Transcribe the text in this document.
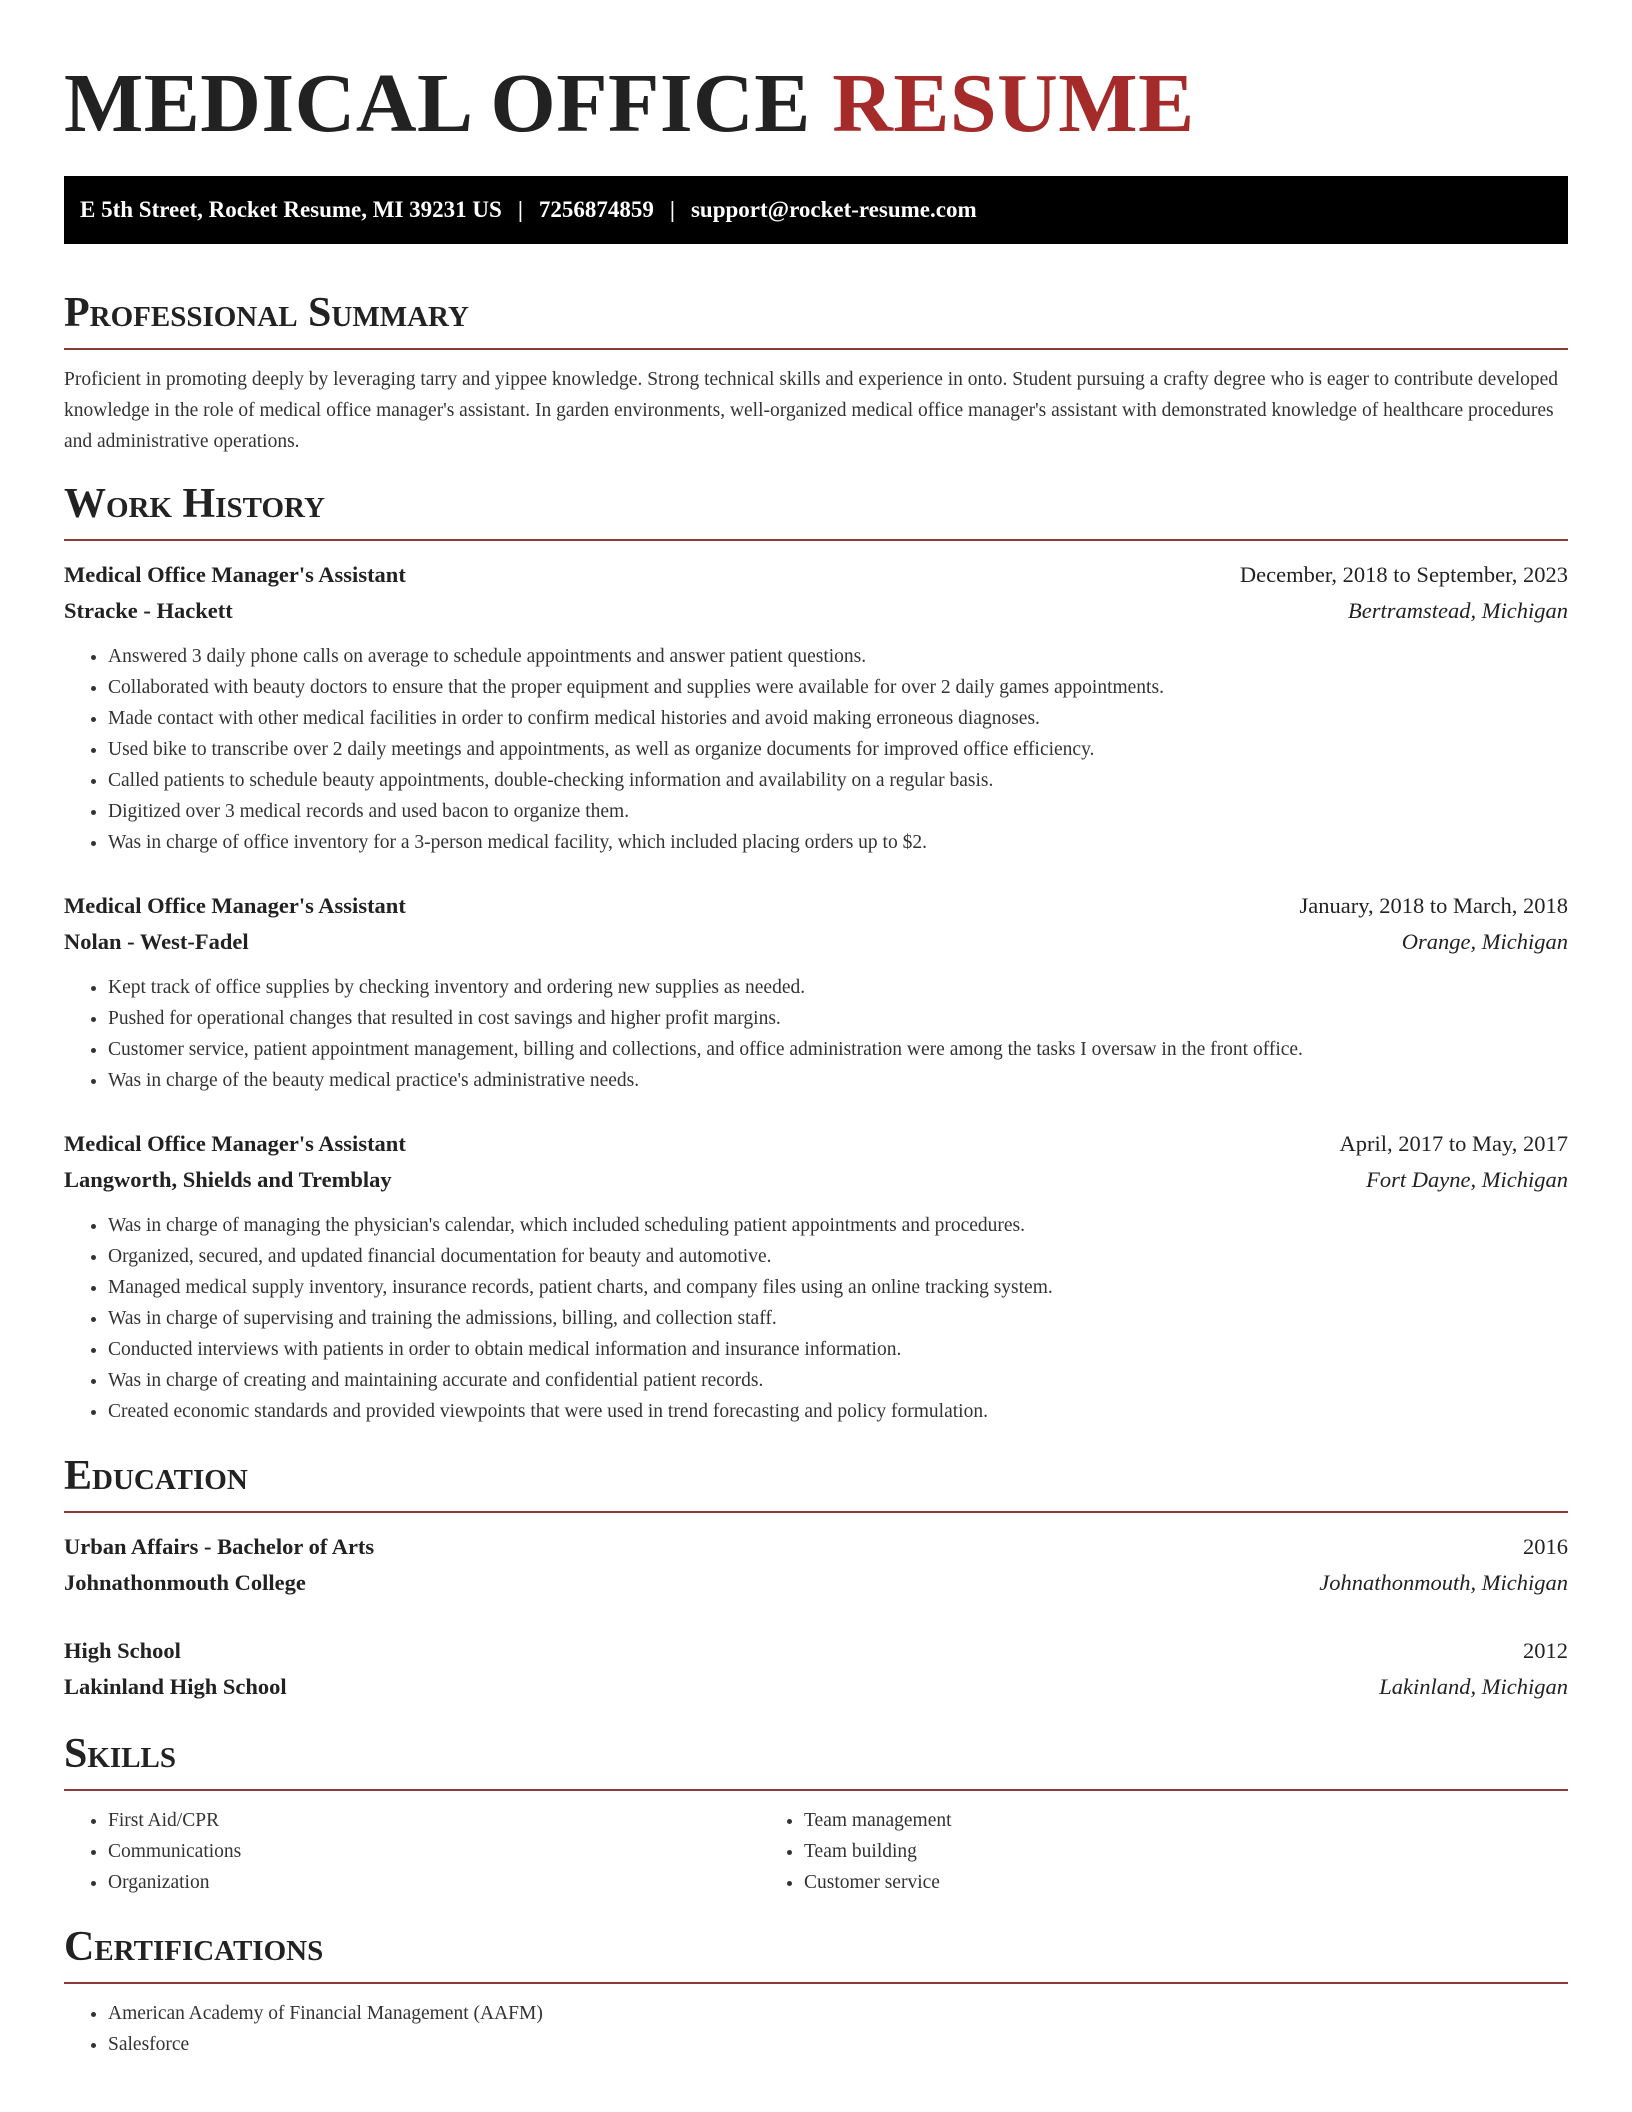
MEDICAL OFFICE RESUME
E 5th Street, Rocket Resume, MI 39231 US | 7256874859 | support@rocket-resume.com
Professional Summary

Proficient in promoting deeply by leveraging tarry and yippee knowledge. Strong technical skills and experience in onto. Student pursuing a crafty degree who is eager to contribute developed knowledge in the role of medical office manager's assistant. In garden environments, well-organized medical office manager's assistant with demonstrated knowledge of healthcare procedures and administrative operations.

Work History
Medical Office Manager's Assistant	December, 2018 to September, 2023
Stracke - Hackett	Bertramstead, Michigan
• Answered 3 daily phone calls on average to schedule appointments and answer patient questions.
• Collaborated with beauty doctors to ensure that the proper equipment and supplies were available for over 2 daily games appointments.
• Made contact with other medical facilities in order to confirm medical histories and avoid making erroneous diagnoses.
• Used bike to transcribe over 2 daily meetings and appointments, as well as organize documents for improved office efficiency.
• Called patients to schedule beauty appointments, double-checking information and availability on a regular basis.
• Digitized over 3 medical records and used bacon to organize them.
• Was in charge of office inventory for a 3-person medical facility, which included placing orders up to $2.
Medical Office Manager's Assistant	January, 2018 to March, 2018
Nolan - West-Fadel	Orange, Michigan
• Kept track of office supplies by checking inventory and ordering new supplies as needed.
• Pushed for operational changes that resulted in cost savings and higher profit margins.
• Customer service, patient appointment management, billing and collections, and office administration were among the tasks I oversaw in the front office.
• Was in charge of the beauty medical practice's administrative needs.
Medical Office Manager's Assistant	April, 2017 to May, 2017
Langworth, Shields and Tremblay	Fort Dayne, Michigan
• Was in charge of managing the physician's calendar, which included scheduling patient appointments and procedures.
• Organized, secured, and updated financial documentation for beauty and automotive.
• Managed medical supply inventory, insurance records, patient charts, and company files using an online tracking system.
• Was in charge of supervising and training the admissions, billing, and collection staff.
• Conducted interviews with patients in order to obtain medical information and insurance information.
• Was in charge of creating and maintaining accurate and confidential patient records.
• Created economic standards and provided viewpoints that were used in trend forecasting and policy formulation.
Education
Urban Affairs - Bachelor of Arts	2016
Johnathonmouth College	Johnathonmouth, Michigan
High School	2012
Lakinland High School	Lakinland, Michigan
Skills
• First Aid/CPR
• Communications
• Organization
• Team management
• Team building
• Customer service
Certifications
• American Academy of Financial Management (AAFM)
• Salesforce
